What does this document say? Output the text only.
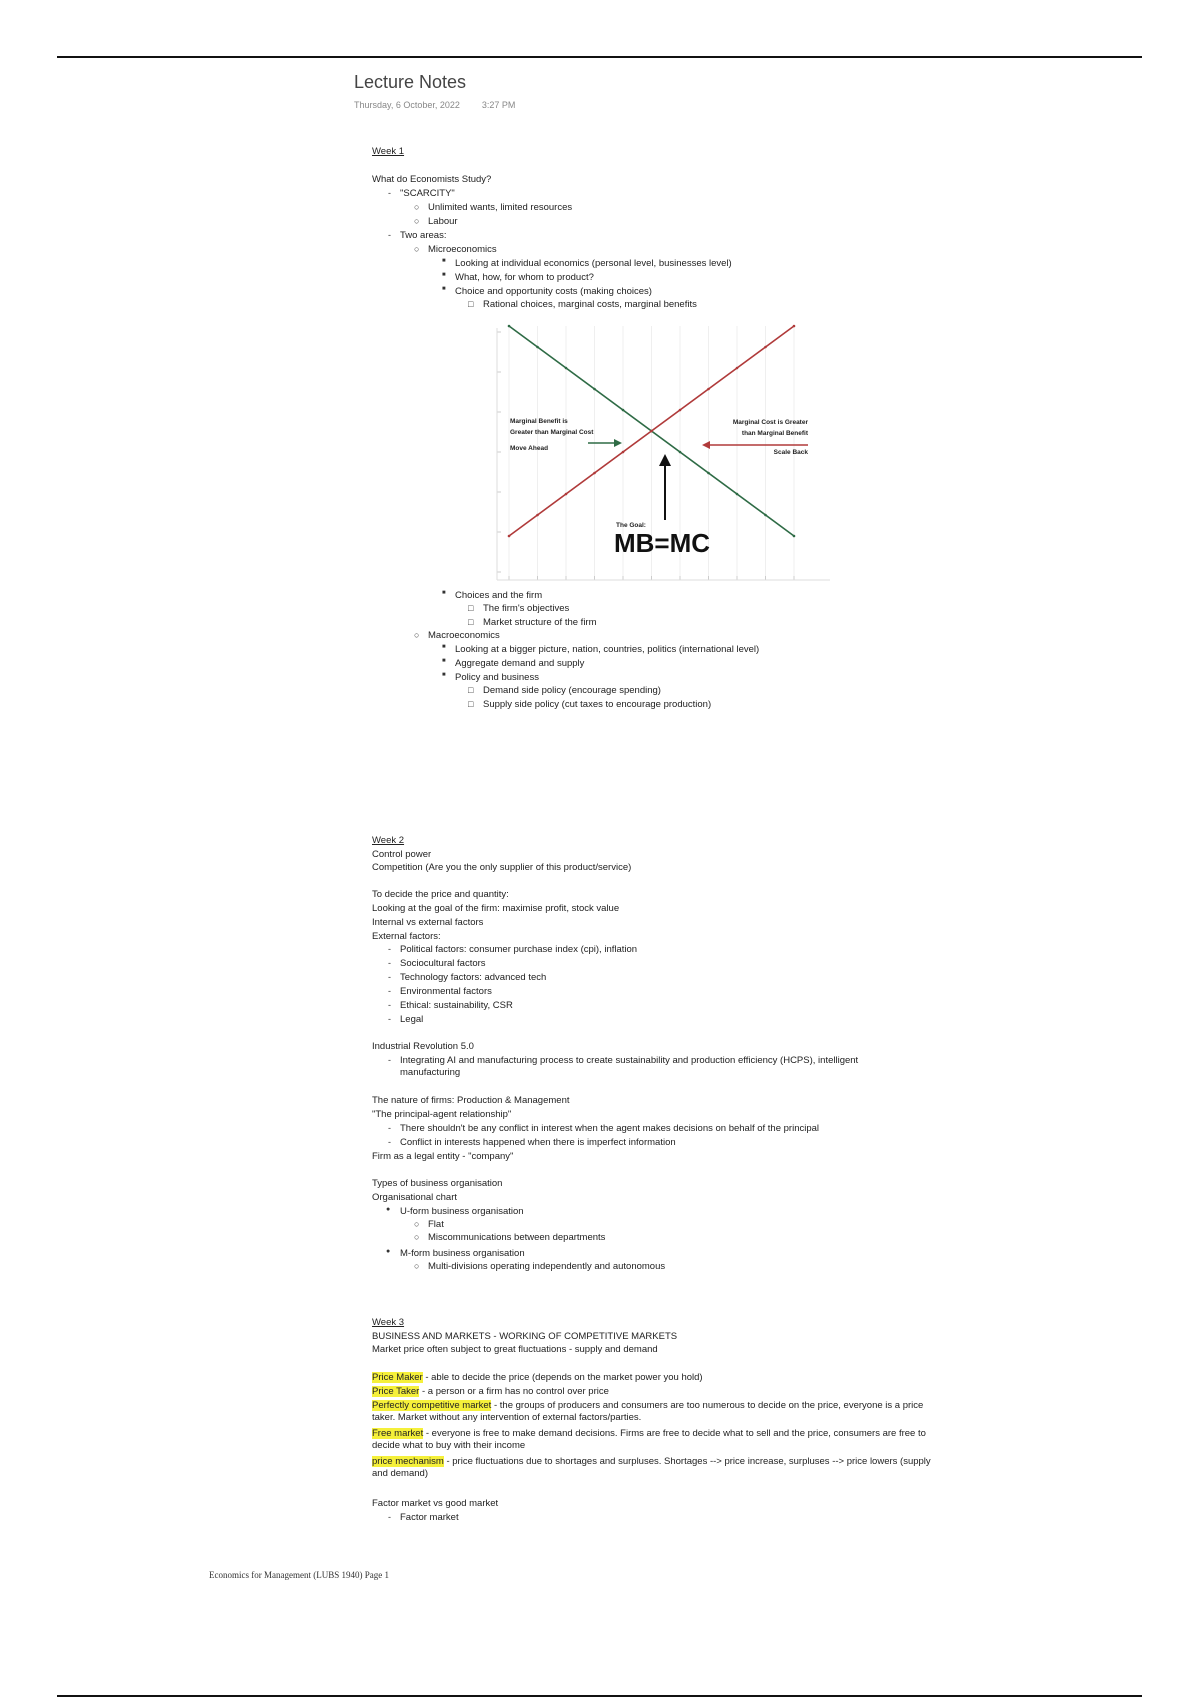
Lecture Notes
Thursday, 6 October, 2022 3:27 PM
Week 1
What do Economists Study?
- "SCARCITY"
○ Unlimited wants, limited resources
○ Labour
- Two areas:
○ Microeconomics
■ Looking at individual economics (personal level, businesses level)
■ What, how, for whom to product?
■ Choice and opportunity costs (making choices)
□ Rational choices, marginal costs, marginal benefits
Marginal Benefit is
Greater than Marginal Cost
Move Ahead
Marginal Cost is Greater
than Marginal Benefit
Scale Back
The Goal:
MB=MC
■ Choices and the firm
□ The firm's objectives
□ Market structure of the firm
○ Macroeconomics
■ Looking at a bigger picture, nation, countries, politics (international level)
■ Aggregate demand and supply
■ Policy and business
□ Demand side policy (encourage spending)
□ Supply side policy (cut taxes to encourage production)
Week 2
Control power
Competition (Are you the only supplier of this product/service)
To decide the price and quantity:
Looking at the goal of the firm: maximise profit, stock value
Internal vs external factors
External factors:
- Political factors: consumer purchase index (cpi), inflation
- Sociocultural factors
- Technology factors: advanced tech
- Environmental factors
- Ethical: sustainability, CSR
- Legal
Industrial Revolution 5.0
- Integrating AI and manufacturing process to create sustainability and production efficiency (HCPS), intelligent manufacturing
The nature of firms: Production & Management
"The principal-agent relationship"
- There shouldn't be any conflict in interest when the agent makes decisions on behalf of the principal
- Conflict in interests happened when there is imperfect information
Firm as a legal entity - "company"
Types of business organisation
Organisational chart
● U-form business organisation
○ Flat
○ Miscommunications between departments
● M-form business organisation
○ Multi-divisions operating independently and autonomous
Week 3
BUSINESS AND MARKETS - WORKING OF COMPETITIVE MARKETS
Market price often subject to great fluctuations - supply and demand
Price Maker - able to decide the price (depends on the market power you hold)
Price Taker - a person or a firm has no control over price
Perfectly competitive market - the groups of producers and consumers are too numerous to decide on the price, everyone is a price taker. Market without any intervention of external factors/parties.
Free market - everyone is free to make demand decisions. Firms are free to decide what to sell and the price, consumers are free to decide what to buy with their income
price mechanism - price fluctuations due to shortages and surpluses. Shortages --> price increase, surpluses --> price lowers (supply and demand)
Factor market vs good market
- Factor market
Economics for Management (LUBS 1940) Page 1
